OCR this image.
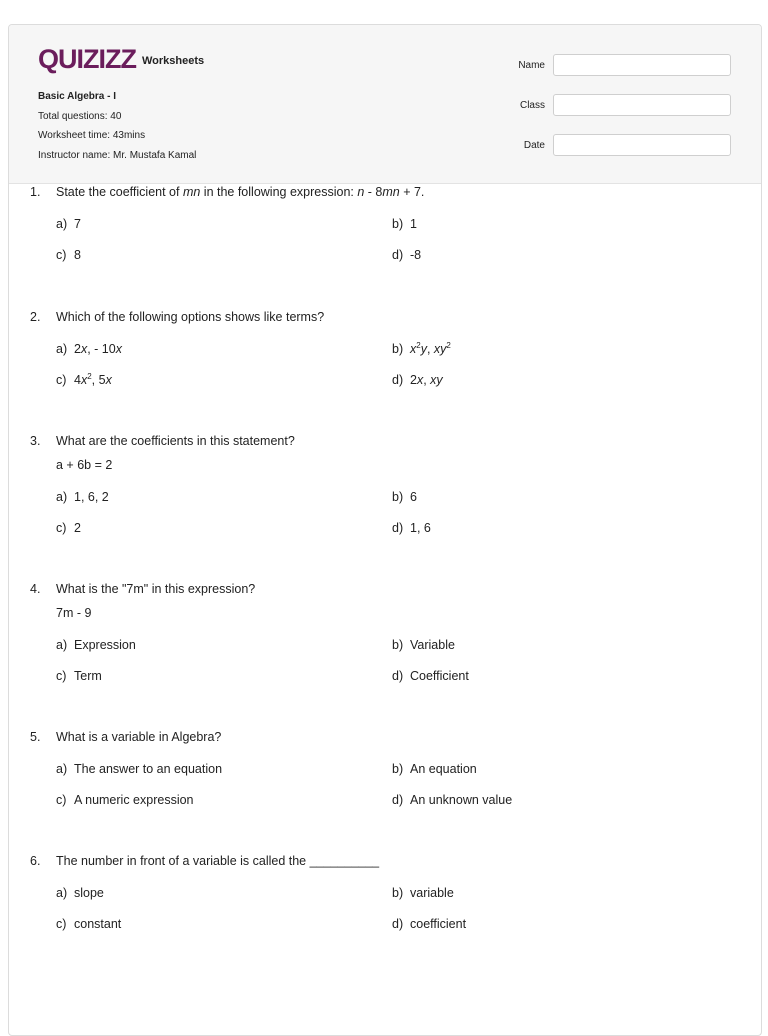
QUIZIZZ Worksheets
Basic Algebra - I
Total questions: 40
Worksheet time: 43mins
Instructor name: Mr. Mustafa Kamal
Name
Class
Date
1. State the coefficient of mn in the following expression: n - 8mn + 7.
a) 7	b) 1
c) 8	d) -8
2. Which of the following options shows like terms?
a) 2x, - 10x	b) $x^2y$, $xy^2$
c) $4x^2$, 5x	d) 2x, xy
3. What are the coefficients in this statement?
a + 6b = 2
a) 1, 6, 2	b) 6
c) 2	d) 1, 6
4. What is the "7m" in this expression?
7m - 9
a) Expression	b) Variable
c) Term	d) Coefficient
5. What is a variable in Algebra?
a) The answer to an equation	b) An equation
c) A numeric expression	d) An unknown value
6. The number in front of a variable is called the __________
a) slope	b) variable
c) constant	d) coefficient
